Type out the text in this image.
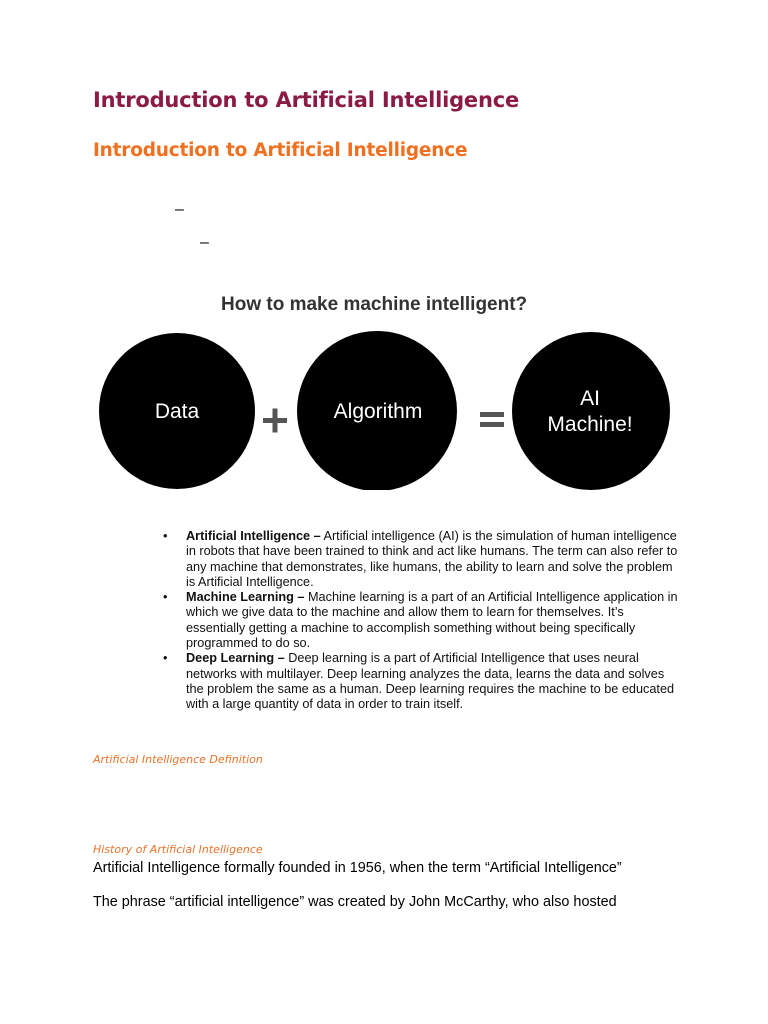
Introduction to Artificial Intelligence
Introduction to Artificial Intelligence
–
–
How to make machine intelligent?
Data	Algorithm
AI
Machine!
• Artificial Intelligence – Artificial intelligence (AI) is the simulation of human intelligence in robots that have been trained to think and act like humans. The term can also refer to any machine that demonstrates, like humans, the ability to learn and solve the problem is Artificial Intelligence.
• Machine Learning – Machine learning is a part of an Artificial Intelligence application in which we give data to the machine and allow them to learn for themselves. It’s essentially getting a machine to accomplish something without being specifically programmed to do so.
• Deep Learning – Deep learning is a part of Artificial Intelligence that uses neural networks with multilayer. Deep learning analyzes the data, learns the data and solves the problem the same as a human. Deep learning requires the machine to be educated with a large quantity of data in order to train itself.

Artificial Intelligence Definition

History of Artificial Intelligence

Artificial Intelligence formally founded in 1956, when the term “Artificial Intelligence”

The phrase “artificial intelligence” was created by John McCarthy, who also hosted
